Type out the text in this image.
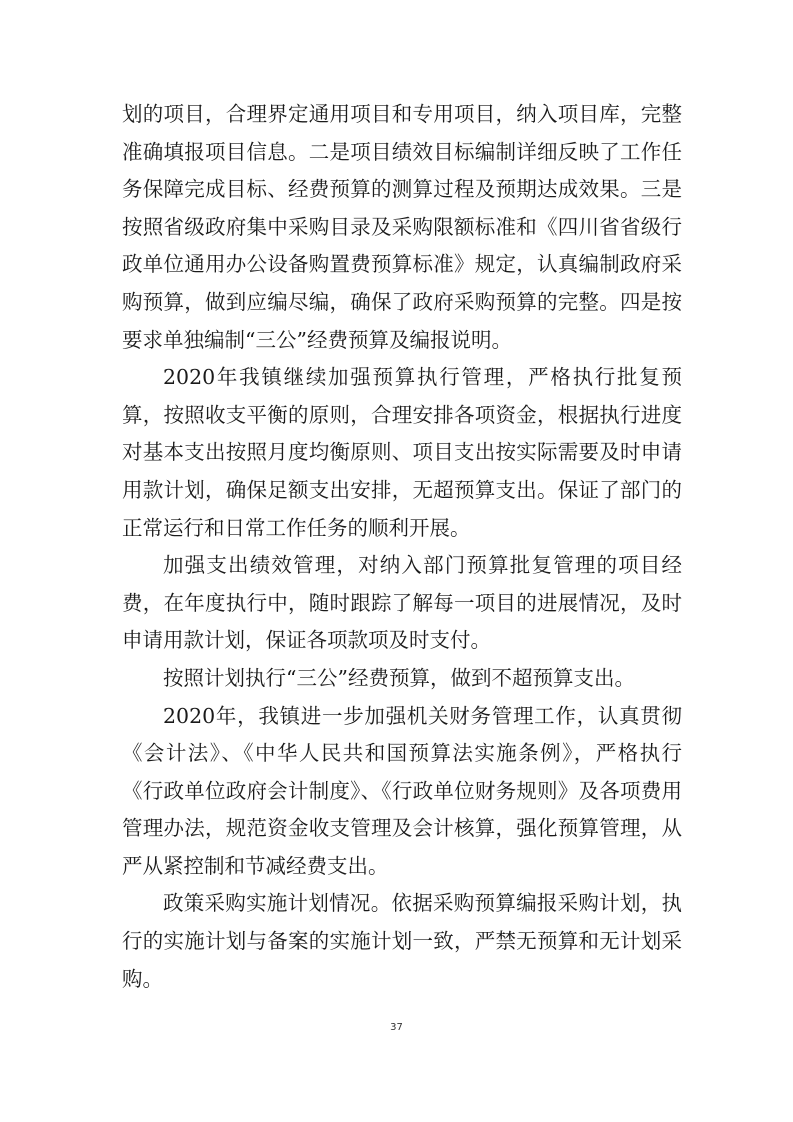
划的项目，合理界定通用项目和专用项目，纳入项目库，完整准确填报项目信息。二是项目绩效目标编制详细反映了工作任务保障完成目标、经费预算的测算过程及预期达成效果。三是按照省级政府集中采购目录及采购限额标准和《四川省省级行政单位通用办公设备购置费预算标准》规定，认真编制政府采购预算，做到应编尽编，确保了政府采购预算的完整。四是按要求单独编制“三公”经费预算及编报说明。

2020年我镇继续加强预算执行管理，严格执行批复预算，按照收支平衡的原则，合理安排各项资金，根据执行进度对基本支出按照月度均衡原则、项目支出按实际需要及时申请用款计划，确保足额支出安排，无超预算支出。保证了部门的正常运行和日常工作任务的顺利开展。

加强支出绩效管理，对纳入部门预算批复管理的项目经费，在年度执行中，随时跟踪了解每一项目的进展情况，及时申请用款计划，保证各项款项及时支付。

按照计划执行“三公”经费预算，做到不超预算支出。

2020年，我镇进一步加强机关财务管理工作，认真贯彻《会计法》、《中华人民共和国预算法实施条例》，严格执行《行政单位政府会计制度》、《行政单位财务规则》及各项费用管理办法，规范资金收支管理及会计核算，强化预算管理，从严从紧控制和节减经费支出。

政策采购实施计划情况。依据采购预算编报采购计划，执行的实施计划与备案的实施计划一致，严禁无预算和无计划采购。

37
